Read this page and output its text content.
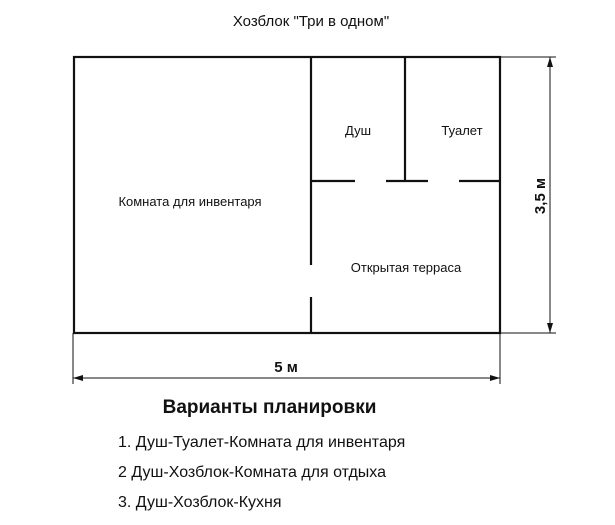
Хозблок "Три в одном"
Комната для инвентаря
Душ	Туалет
Открытая терраса
5 м
3,5 м
Варианты планировки
1. Душ-Туалет-Комната для инвентаря
2 Душ-Хозблок-Комната для отдыха
3. Душ-Хозблок-Кухня
